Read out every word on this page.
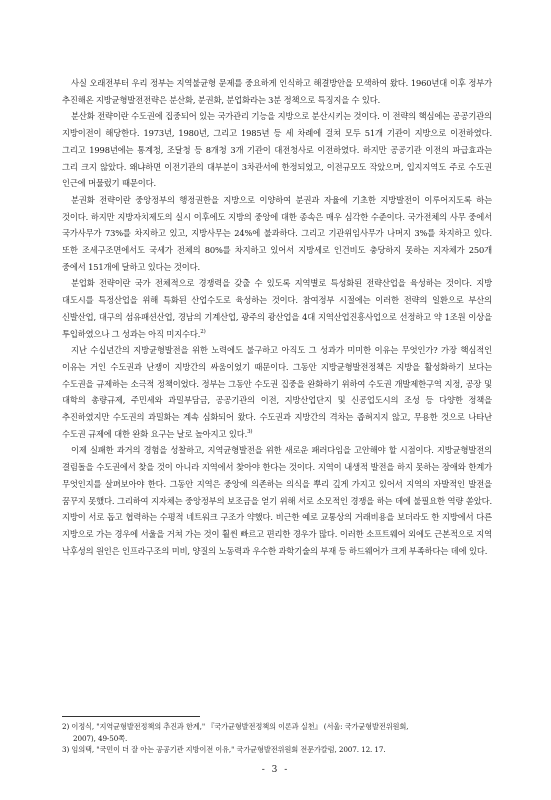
사실 오래전부터 우리 정부는 지역불균형 문제를 중요하게 인식하고 해결방안을 모색하여 왔다. 1960년대 이후 정부가 추진해온 지방균형발전전략은 분산화, 분권화, 분업화라는 3분 정책으로 특징지을 수 있다.

분산화 전략이란 수도권에 집중되어 있는 국가관리 기능을 지방으로 분산시키는 것이다. 이 전략의 핵심에는 공공기관의 지방이전이 해당한다. 1973년, 1980년, 그리고 1985년 등 세 차례에 걸쳐 모두 51개 기관이 지방으로 이전하였다. 그리고 1998년에는 통계청, 조달청 등 8개청 3개 기관이 대전청사로 이전하였다. 하지만 공공기관 이전의 파급효과는 그리 크지 않았다. 왜냐하면 이전기관의 대부분이 3차관서에 한정되었고, 이전규모도 작았으며, 입지지역도 주로 수도권 인근에 머물렀기 때문이다.

분권화 전략이란 중앙정부의 행정권한을 지방으로 이양하여 분권과 자율에 기초한 지방발전이 이루어지도록 하는 것이다. 하지만 지방자치제도의 실시 이후에도 지방의 중앙에 대한 종속은 매우 심각한 수준이다. 국가전체의 사무 중에서 국가사무가 73%를 차지하고 있고, 지방사무는 24%에 불과하다. 그리고 기관위임사무가 나머지 3%를 차지하고 있다. 또한 조세구조면에서도 국세가 전체의 80%를 차지하고 있어서 지방세로 인건비도 충당하지 못하는 지자체가 250개 중에서 151개에 달하고 있다는 것이다.

분업화 전략이란 국가 전체적으로 경쟁력을 갖출 수 있도록 지역별로 특성화된 전략산업을 육성하는 것이다. 지방 대도시를 특정산업을 위해 특화된 산업수도로 육성하는 것이다. 참여정부 시절에는 이러한 전략의 일환으로 부산의 신발산업, 대구의 섬유패션산업, 경남의 기계산업, 광주의 광산업을 4대 지역산업진흥사업으로 선정하고 약 1조원 이상을 투입하였으나 그 성과는 아직 미지수다.$^{2)}$

지난 수십년간의 지방균형발전을 위한 노력에도 불구하고 아직도 그 성과가 미미한 이유는 무엇인가? 가장 핵심적인 이유는 거인 수도권과 난쟁이 지방간의 싸움이었기 때문이다. 그동안 지방균형발전정책은 지방을 활성화하기 보다는 수도권을 규제하는 소극적 정책이었다. 정부는 그동안 수도권 집중을 완화하기 위하여 수도권 개발제한구역 지정, 공장 및 대학의 총량규제, 주민세와 과밀부담금, 공공기관의 이전, 지방산업단지 및 신공업도시의 조성 등 다양한 정책을 추진하였지만 수도권의 과밀화는 계속 심화되어 왔다. 수도권과 지방간의 격차는 좁혀지지 않고, 무용한 것으로 나타난 수도권 규제에 대한 완화 요구는 날로 높아지고 있다.$^{3)}$

이제 실패한 과거의 경험을 성찰하고, 지역균형발전을 위한 새로운 패러다임을 고안해야 할 시점이다. 지방균형발전의 결림돌을 수도권에서 찾을 것이 아니라 지역에서 찾아야 한다는 것이다. 지역이 내생적 발전을 하지 못하는 장애와 한계가 무엇인지를 살펴보아야 한다. 그동안 지역은 중앙에 의존하는 의식을 뿌리 깊게 가지고 있어서 지역의 자발적인 발전을 꿈꾸지 못했다. 그리하여 지자체는 중앙정부의 보조금을 얻기 위해 서로 소모적인 경쟁을 하는 데에 불필요한 역량 쏟았다. 지방이 서로 돕고 협력하는 수평적 네트워크 구조가 약했다. 비근한 예로 교통상의 거래비용을 보더라도 한 지방에서 다른 지방으로 가는 경우에 서울을 거쳐 가는 것이 훨씬 빠르고 편리한 경우가 많다. 이러한 소프트웨어 외에도 근본적으로 지역 낙후성의 원인은 인프라구조의 미비, 양질의 노동력과 우수한 과학기술의 부재 등 하드웨어가 크게 부족하다는 데에 있다.

2) 이정식, "지역균형발전정책의 추진과 한계," 『국가균형발전정책의 이론과 실천』 (서울: 국가균형발전위원회,

2007), 49-50쪽.

3) 임의택, "국민이 더 잘 아는 공공기관 지방이전 이유," 국가균형발전위원회 전문가칼럼, 2007. 12. 17.

- 3 -
